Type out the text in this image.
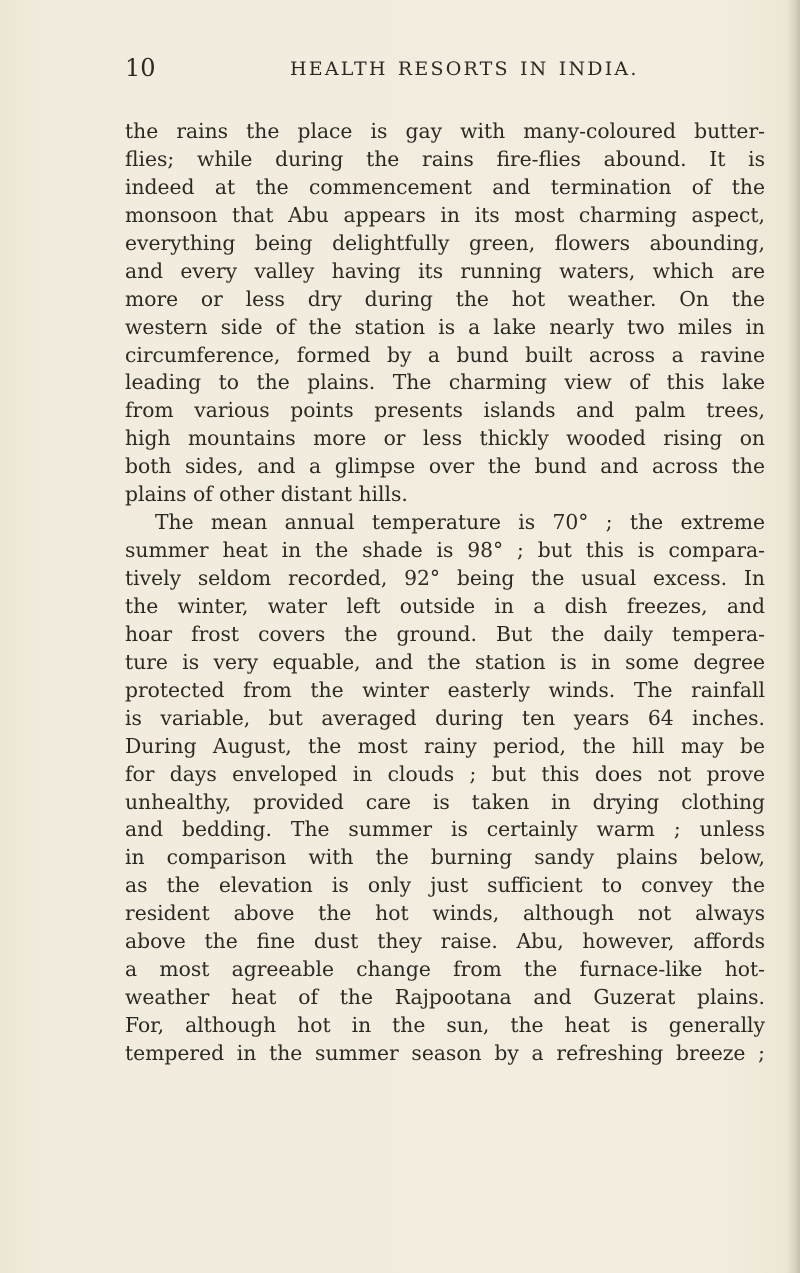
10	HEALTH RESORTS IN INDIA.
the rains the place is gay with many-coloured butter-
flies; while during the rains fire-flies abound. It is
indeed at the commencement and termination of the
monsoon that Abu appears in its most charming aspect,
everything being delightfully green, flowers abounding,
and every valley having its running waters, which are
more or less dry during the hot weather. On the
western side of the station is a lake nearly two miles in
circumference, formed by a bund built across a ravine
leading to the plains. The charming view of this lake
from various points presents islands and palm trees,
high mountains more or less thickly wooded rising on
both sides, and a glimpse over the bund and across the
plains of other distant hills.
The mean annual temperature is 70° ; the extreme
summer heat in the shade is 98° ; but this is compara-
tively seldom recorded, 92° being the usual excess. In
the winter, water left outside in a dish freezes, and
hoar frost covers the ground. But the daily tempera-
ture is very equable, and the station is in some degree
protected from the winter easterly winds. The rainfall
is variable, but averaged during ten years 64 inches.
During August, the most rainy period, the hill may be
for days enveloped in clouds ; but this does not prove
unhealthy, provided care is taken in drying clothing
and bedding. The summer is certainly warm ; unless
in comparison with the burning sandy plains below,
as the elevation is only just sufficient to convey the
resident above the hot winds, although not always
above the fine dust they raise. Abu, however, affords
a most agreeable change from the furnace-like hot-
weather heat of the Rajpootana and Guzerat plains.
For, although hot in the sun, the heat is generally
tempered in the summer season by a refreshing breeze ;
